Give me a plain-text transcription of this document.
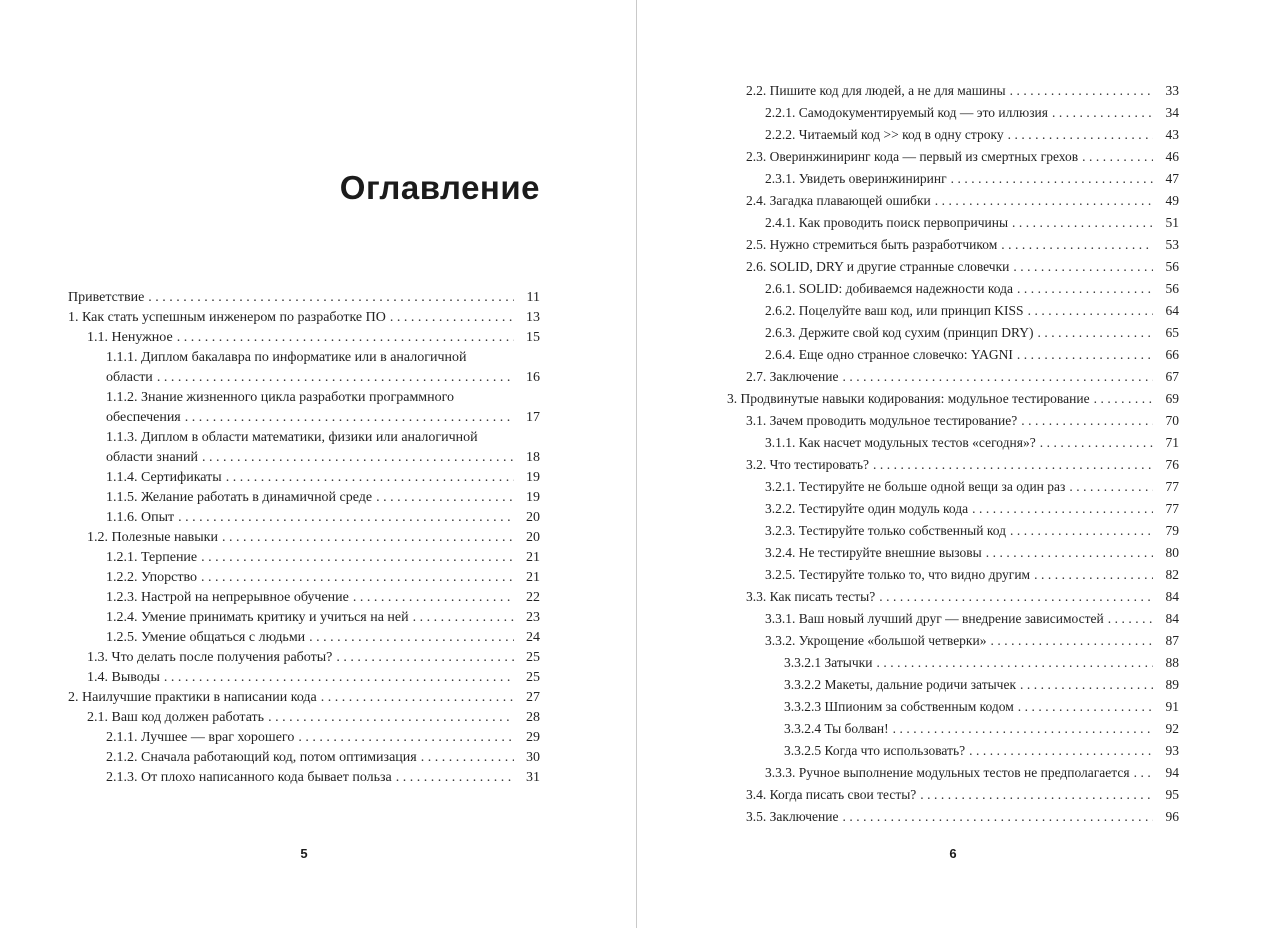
Оглавление
Приветствие .....	11
1. Как стать успешным инженером по разработке ПО .....	13
1.1. Ненужное .....	15
1.1.1. Диплом бакалавра по информатике или в аналогичной
области .....	16
1.1.2. Знание жизненного цикла разработки программного
обеспечения .....	17
1.1.3. Диплом в области математики, физики или аналогичной
области знаний .....	18
1.1.4. Сертификаты .....	19
1.1.5. Желание работать в динамичной среде .....	19
1.1.6. Опыт .....	20
1.2. Полезные навыки .....	20
1.2.1. Терпение .....	21
1.2.2. Упорство .....	21
1.2.3. Настрой на непрерывное обучение .....	22
1.2.4. Умение принимать критику и учиться на ней .....	23
1.2.5. Умение общаться с людьми .....	24
1.3. Что делать после получения работы? .....	25
1.4. Выводы .....	25
2. Наилучшие практики в написании кода .....	27
2.1. Ваш код должен работать .....	28
2.1.1. Лучшее — враг хорошего .....	29
2.1.2. Сначала работающий код, потом оптимизация .....	30
2.1.3. От плохо написанного кода бывает польза .....	31
2.2. Пишите код для людей, а не для машины .....	33
2.2.1. Самодокументируемый код — это иллюзия .....	34
2.2.2. Читаемый код >> код в одну строку .....	43
2.3. Оверинжиниринг кода — первый из смертных грехов .....	46
2.3.1. Увидеть оверинжиниринг .....	47
2.4. Загадка плавающей ошибки .....	49
2.4.1. Как проводить поиск первопричины .....	51
2.5. Нужно стремиться быть разработчиком .....	53
2.6. SOLID, DRY и другие странные словечки .....	56
2.6.1. SOLID: добиваемся надежности кода .....	56
2.6.2. Поцелуйте ваш код, или принцип KISS .....	64
2.6.3. Держите свой код сухим (принцип DRY) .....	65
2.6.4. Еще одно странное словечко: YAGNI .....	66
2.7. Заключение .....	67
3. Продвинутые навыки кодирования: модульное тестирование .....	69
3.1. Зачем проводить модульное тестирование? .....	70
3.1.1. Как насчет модульных тестов «сегодня»? .....	71
3.2. Что тестировать? .....	76
3.2.1. Тестируйте не больше одной вещи за один раз .....	77
3.2.2. Тестируйте один модуль кода .....	77
3.2.3. Тестируйте только собственный код .....	79
3.2.4. Не тестируйте внешние вызовы .....	80
3.2.5. Тестируйте только то, что видно другим .....	82
3.3. Как писать тесты? .....	84
3.3.1. Ваш новый лучший друг — внедрение зависимостей .....	84
3.3.2. Укрощение «большой четверки» .....	87
3.3.2.1 Затычки .....	88
3.3.2.2 Макеты, дальние родичи затычек .....	89
3.3.2.3 Шпионим за собственным кодом .....	91
3.3.2.4 Ты болван! .....	92
3.3.2.5 Когда что использовать? .....	93
3.3.3. Ручное выполнение модульных тестов не предполагается .....	94
3.4. Когда писать свои тесты? .....	95
3.5. Заключение .....	96
5	6
